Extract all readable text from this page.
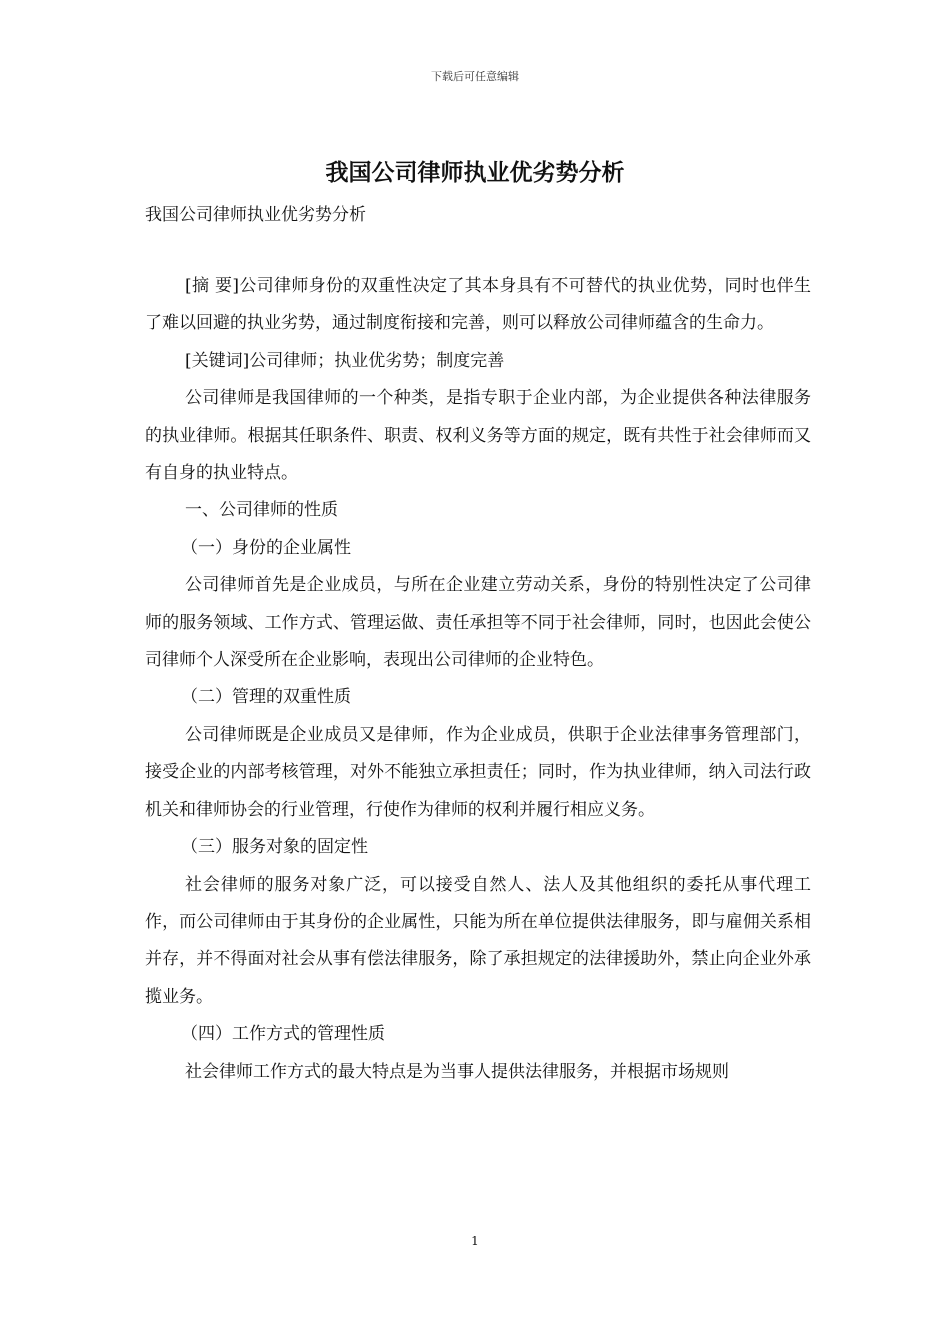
下载后可任意编辑
我国公司律师执业优劣势分析
我国公司律师执业优劣势分析

[摘 要]公司律师身份的双重性决定了其本身具有不可替代的执业优势，同时也伴生了难以回避的执业劣势，通过制度衔接和完善，则可以释放公司律师蕴含的生命力。

[关键词]公司律师；执业优劣势；制度完善

公司律师是我国律师的一个种类，是指专职于企业内部，为企业提供各种法律服务的执业律师。根据其任职条件、职责、权利义务等方面的规定，既有共性于社会律师而又有自身的执业特点。

一、公司律师的性质

（一）身份的企业属性

公司律师首先是企业成员，与所在企业建立劳动关系，身份的特别性决定了公司律师的服务领域、工作方式、管理运做、责任承担等不同于社会律师，同时，也因此会使公司律师个人深受所在企业影响，表现出公司律师的企业特色。

（二）管理的双重性质

公司律师既是企业成员又是律师，作为企业成员，供职于企业法律事务管理部门，接受企业的内部考核管理，对外不能独立承担责任；同时，作为执业律师，纳入司法行政机关和律师协会的行业管理，行使作为律师的权利并履行相应义务。

（三）服务对象的固定性

社会律师的服务对象广泛，可以接受自然人、法人及其他组织的委托从事代理工作，而公司律师由于其身份的企业属性，只能为所在单位提供法律服务，即与雇佣关系相并存，并不得面对社会从事有偿法律服务，除了承担规定的法律援助外，禁止向企业外承揽业务。

（四）工作方式的管理性质

社会律师工作方式的最大特点是为当事人提供法律服务，并根据市场规则

1
